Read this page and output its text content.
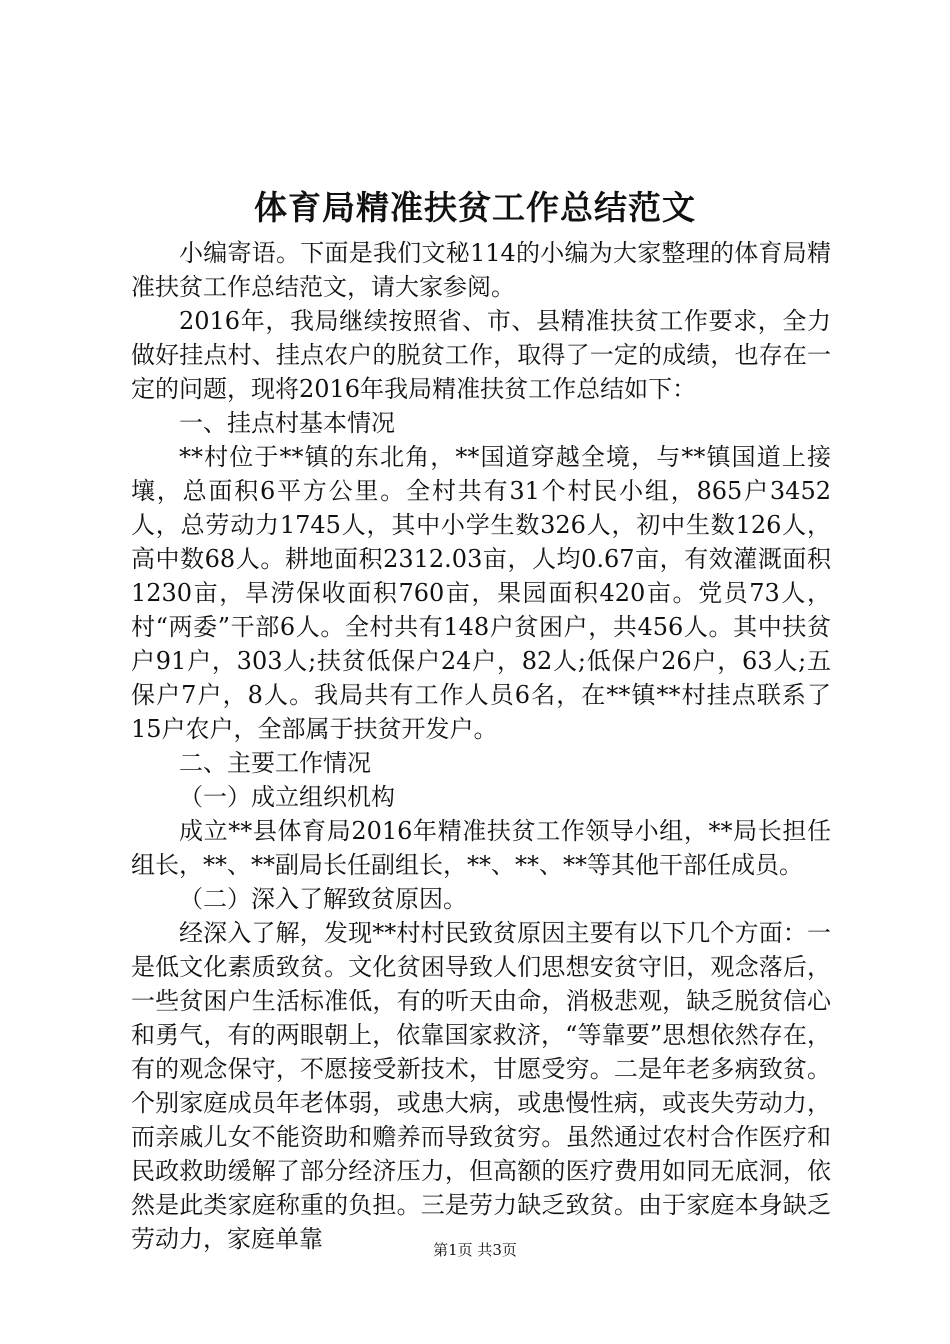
体育局精准扶贫工作总结范文

小编寄语。下面是我们文秘114的小编为大家整理的体育局精准扶贫工作总结范文，请大家参阅。

2016年，我局继续按照省、市、县精准扶贫工作要求，全力做好挂点村、挂点农户的脱贫工作，取得了一定的成绩，也存在一定的问题，现将2016年我局精准扶贫工作总结如下：

一、挂点村基本情况

**村位于**镇的东北角，**国道穿越全境，与**镇国道上接壤，总面积6平方公里。全村共有31个村民小组，865户3452人，总劳动力1745人，其中小学生数326人，初中生数126人，高中数68人。耕地面积2312.03亩，人均0.67亩，有效灌溉面积1230亩，旱涝保收面积760亩，果园面积420亩。党员73人，村“两委”干部6人。全村共有148户贫困户，共456人。其中扶贫户91户，303人;扶贫低保户24户，82人;低保户26户，63人;五保户7户，8人。我局共有工作人员6名，在**镇**村挂点联系了15户农户，全部属于扶贫开发户。

二、主要工作情况

（一）成立组织机构

成立**县体育局2016年精准扶贫工作领导小组，**局长担任组长，**、**副局长任副组长，**、**、**等其他干部任成员。

（二）深入了解致贫原因。

经深入了解，发现**村村民致贫原因主要有以下几个方面：一是低文化素质致贫。文化贫困导致人们思想安贫守旧，观念落后，一些贫困户生活标准低，有的听天由命，消极悲观，缺乏脱贫信心和勇气，有的两眼朝上，依靠国家救济，“等靠要”思想依然存在，有的观念保守，不愿接受新技术，甘愿受穷。二是年老多病致贫。个别家庭成员年老体弱，或患大病，或患慢性病，或丧失劳动力，而亲戚儿女不能资助和赡养而导致贫穷。虽然通过农村合作医疗和民政救助缓解了部分经济压力，但高额的医疗费用如同无底洞，依然是此类家庭称重的负担。三是劳力缺乏致贫。由于家庭本身缺乏劳动力，家庭单靠	第1页 共3页
